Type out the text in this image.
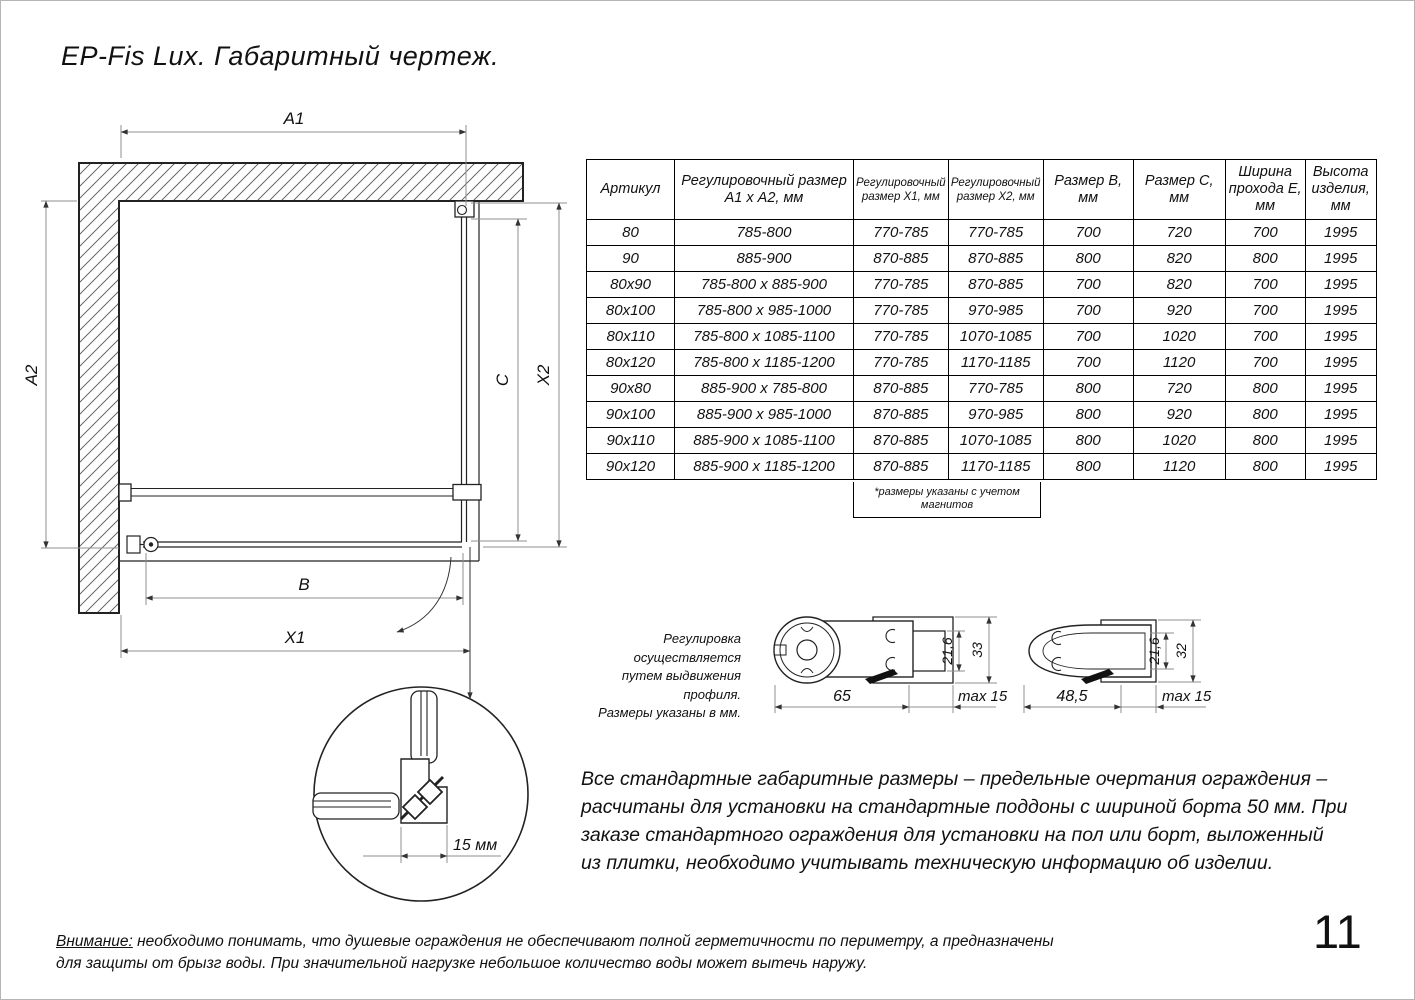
EP-Fis Lux. Габаритный чертеж.
A1
A2	X2
C
B
X1
15 мм
Артикул	Регулировочный размер А1 х А2, мм	Регулировочный размер Х1, мм	Регулировочный размер Х2, мм	Размер В, мм	Размер С, мм	Ширина прохода Е, мм	Высота изделия, мм
80	785-800	770-785	770-785	700	720	700	1995
90	885-900	870-885	870-885	800	820	800	1995
80х90	785-800 х 885-900	770-785	870-885	700	820	700	1995
80х100	785-800 х 985-1000	770-785	970-985	700	920	700	1995
80х110	785-800 х 1085-1100	770-785	1070-1085	700	1020	700	1995
80х120	785-800 х 1185-1200	770-785	1170-1185	700	1120	700	1995
90х80	885-900 х 785-800	870-885	770-785	800	720	800	1995
90х100	885-900 х 985-1000	870-885	970-985	800	920	800	1995
90х110	885-900 х 1085-1100	870-885	1070-1085	800	1020	800	1995
90х120	885-900 х 1185-1200	870-885	1170-1185	800	1120	800	1995
*размеры указаны с учетом магнитов
Регулировка осуществляется
путем выдвижения профиля.
Размеры указаны в мм.
65	max 15
21,6 33
48,5	max 15
21,6 32
Все стандартные габаритные размеры – предельные очертания ограждения –
расчитаны для установки на стандартные поддоны с шириной борта 50 мм. При
заказе стандартного ограждения для установки на пол или борт, выложенный
из плитки, необходимо учитывать техническую информацию об изделии.
Внимание: необходимо понимать, что душевые ограждения не обеспечивают полной герметичности по периметру, а предназначены
для защиты от брызг воды. При значительной нагрузке небольшое количество воды может вытечь наружу.
11
